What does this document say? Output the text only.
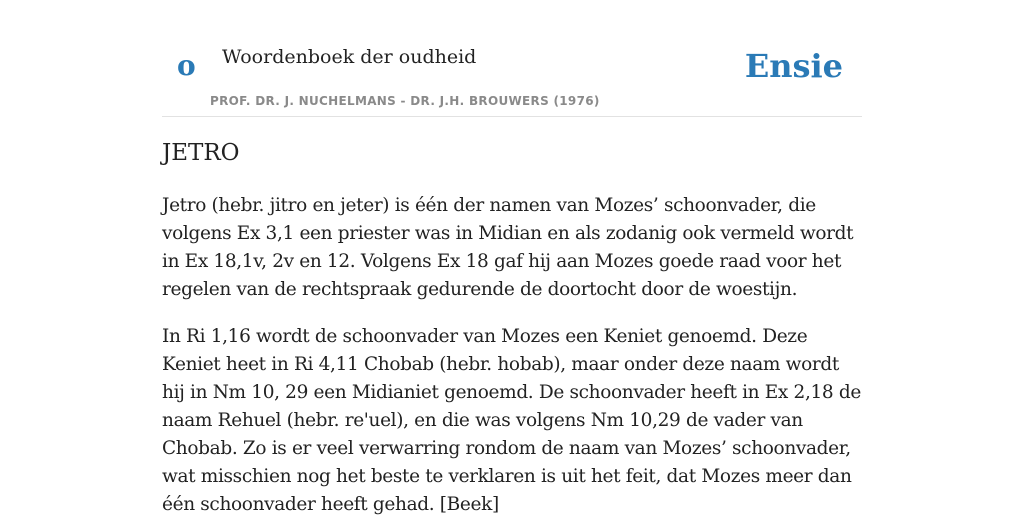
o Woordenboek der oudheid
PROF. DR. J. NUCHELMANS - DR. J.H. BROUWERS (1976)
Ensie
JETRO

Jetro (hebr. jitro en jeter) is één der namen van Mozes’ schoonvader, die volgens Ex 3,1 een priester was in Midian en als zodanig ook vermeld wordt in Ex 18,1v, 2v en 12. Volgens Ex 18 gaf hij aan Mozes goede raad voor het regelen van de rechtspraak gedurende de doortocht door de woestijn.

In Ri 1,16 wordt de schoonvader van Mozes een Keniet genoemd. Deze Keniet heet in Ri 4,11 Chobab (hebr. hobab), maar onder deze naam wordt hij in Nm 10, 29 een Midianiet genoemd. De schoonvader heeft in Ex 2,18 de naam Rehuel (hebr. re'uel), en die was volgens Nm 10,29 de vader van Chobab. Zo is er veel verwarring rondom de naam van Mozes’ schoonvader, wat misschien nog het beste te verklaren is uit het feit, dat Mozes meer dan één schoonvader heeft gehad. [Beek]
